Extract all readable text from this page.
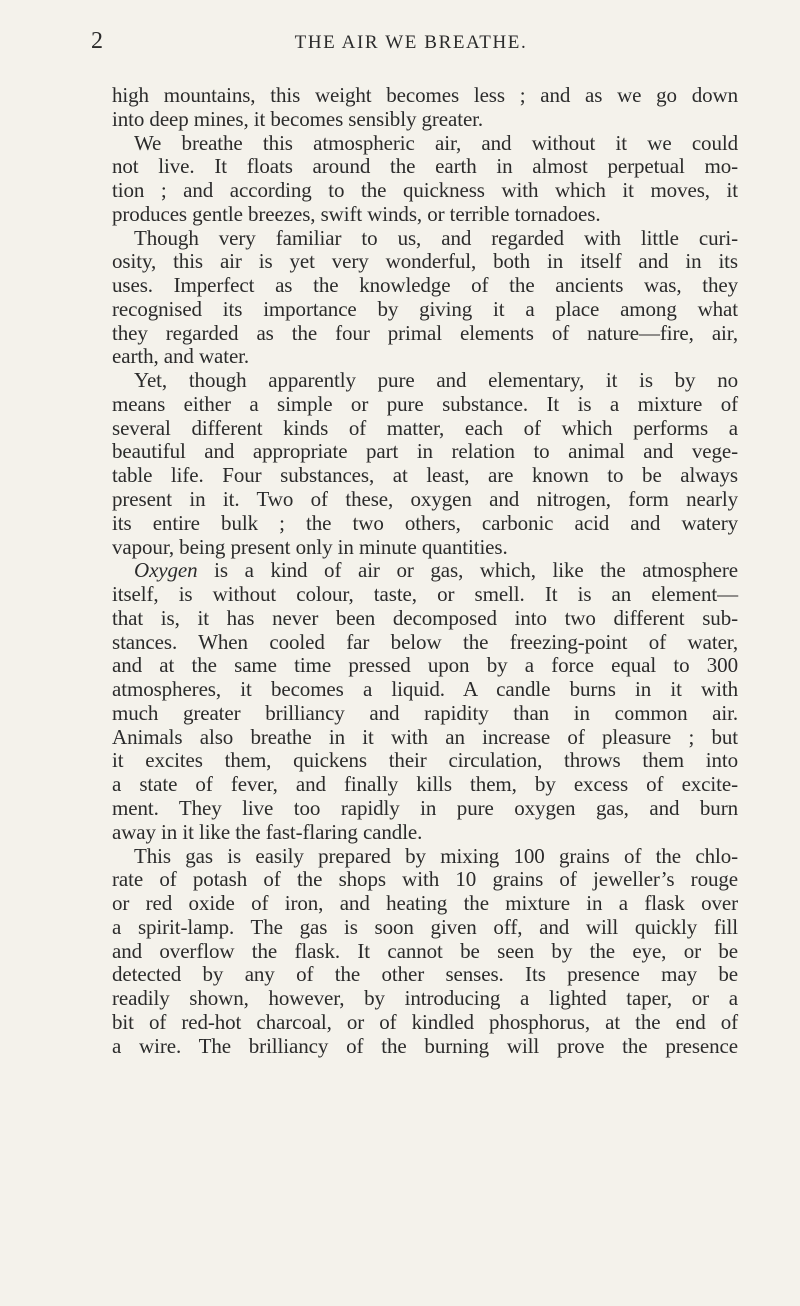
2	THE AIR WE BREATHE.
high mountains, this weight becomes less ; and as we go down
into deep mines, it becomes sensibly greater.
We breathe this atmospheric air, and without it we could
not live. It floats around the earth in almost perpetual mo-
tion ; and according to the quickness with which it moves, it
produces gentle breezes, swift winds, or terrible tornadoes.
Though very familiar to us, and regarded with little curi-
osity, this air is yet very wonderful, both in itself and in its
uses. Imperfect as the knowledge of the ancients was, they
recognised its importance by giving it a place among what
they regarded as the four primal elements of nature—fire, air,
earth, and water.
Yet, though apparently pure and elementary, it is by no
means either a simple or pure substance. It is a mixture of
several different kinds of matter, each of which performs a
beautiful and appropriate part in relation to animal and vege-
table life. Four substances, at least, are known to be always
present in it. Two of these, oxygen and nitrogen, form nearly
its entire bulk ; the two others, carbonic acid and watery
vapour, being present only in minute quantities.
Oxygen is a kind of air or gas, which, like the atmosphere
itself, is without colour, taste, or smell. It is an element—
that is, it has never been decomposed into two different sub-
stances. When cooled far below the freezing-point of water,
and at the same time pressed upon by a force equal to 300
atmospheres, it becomes a liquid. A candle burns in it with
much greater brilliancy and rapidity than in common air.
Animals also breathe in it with an increase of pleasure ; but
it excites them, quickens their circulation, throws them into
a state of fever, and finally kills them, by excess of excite-
ment. They live too rapidly in pure oxygen gas, and burn
away in it like the fast-flaring candle.
This gas is easily prepared by mixing 100 grains of the chlo-
rate of potash of the shops with 10 grains of jeweller’s rouge
or red oxide of iron, and heating the mixture in a flask over
a spirit-lamp. The gas is soon given off, and will quickly fill
and overflow the flask. It cannot be seen by the eye, or be
detected by any of the other senses. Its presence may be
readily shown, however, by introducing a lighted taper, or a
bit of red-hot charcoal, or of kindled phosphorus, at the end of
a wire. The brilliancy of the burning will prove the presence
